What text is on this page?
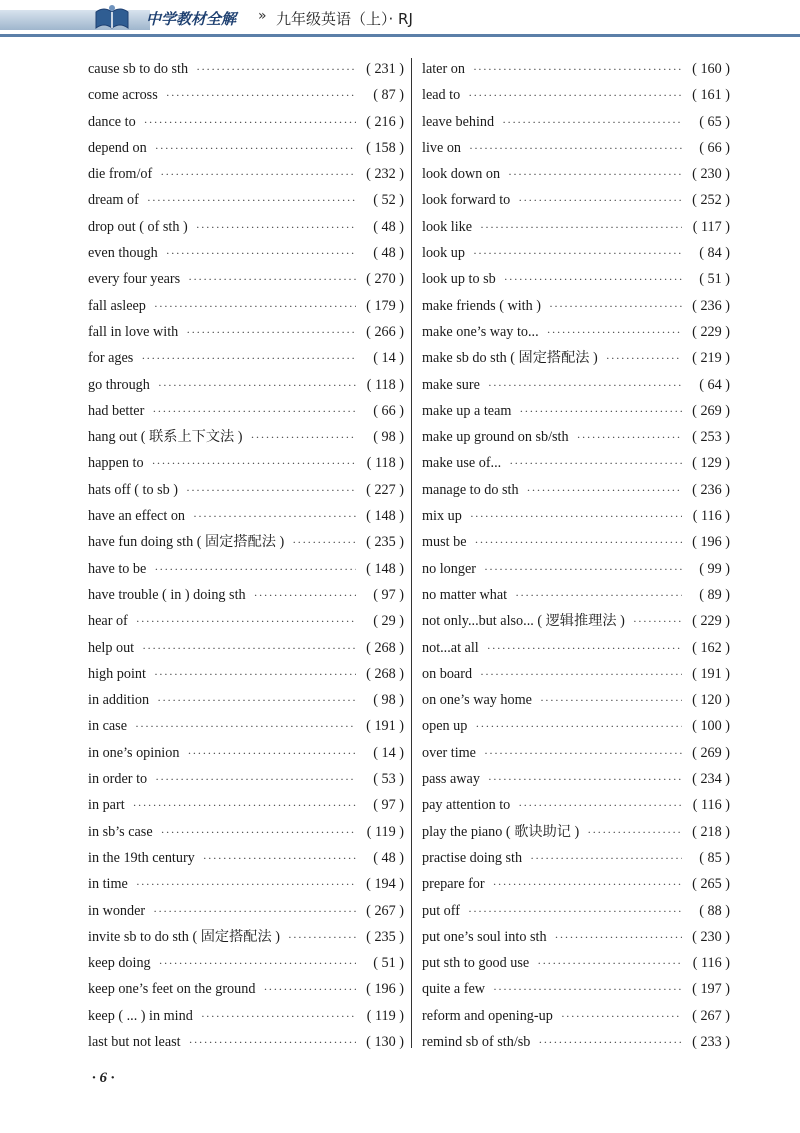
中学教材全解 » 九年级英语（上）· RJ
cause sb to do sth ·····	( 231 )
come across ·····	( 87 )
dance to ·····	( 216 )
depend on ·····	( 158 )
die from/of ·····	( 232 )
dream of ·····	( 52 )
drop out ( of sth ) ·····	( 48 )
even though ·····	( 48 )
every four years ·····	( 270 )
fall asleep ·····	( 179 )
fall in love with ·····	( 266 )
for ages ·····	( 14 )
go through ·····	( 118 )
had better ·····	( 66 )
hang out ( 联系上下文法 ) ·····	( 98 )
happen to ·····	( 118 )
hats off ( to sb ) ·····	( 227 )
have an effect on ·····	( 148 )
have fun doing sth ( 固定搭配法 ) ·····	( 235 )
have to be ·····	( 148 )
have trouble ( in ) doing sth ·····	( 97 )
hear of ·····	( 29 )
help out ·····	( 268 )
high point ·····	( 268 )
in addition ·····	( 98 )
in case ·····	( 191 )
in one’s opinion ·····	( 14 )
in order to ·····	( 53 )
in part ·····	( 97 )
in sb’s case ·····	( 119 )
in the 19th century ·····	( 48 )
in time ·····	( 194 )
in wonder ·····	( 267 )
invite sb to do sth ( 固定搭配法 ) ·····	( 235 )
keep doing ·····	( 51 )
keep one’s feet on the ground ·····	( 196 )
keep ( ... ) in mind ·····	( 119 )
last but not least ·····	( 130 )
later on ·····	( 160 )
lead to ·····	( 161 )
leave behind ·····	( 65 )
live on ·····	( 66 )
look down on ·····	( 230 )
look forward to ·····	( 252 )
look like ·····	( 117 )
look up ·····	( 84 )
look up to sb ·····	( 51 )
make friends ( with ) ·····	( 236 )
make one’s way to... ·····	( 229 )
make sb do sth ( 固定搭配法 ) ·····	( 219 )
make sure ·····	( 64 )
make up a team ·····	( 269 )
make up ground on sb/sth ·····	( 253 )
make use of... ·····	( 129 )
manage to do sth ·····	( 236 )
mix up ·····	( 116 )
must be ·····	( 196 )
no longer ·····	( 99 )
no matter what ·····	( 89 )
not only...but also... ( 逻辑推理法 ) ·····	( 229 )
not...at all ·····	( 162 )
on board ·····	( 191 )
on one’s way home ·····	( 120 )
open up ·····	( 100 )
over time ·····	( 269 )
pass away ·····	( 234 )
pay attention to ·····	( 116 )
play the piano ( 歌诀助记 ) ·····	( 218 )
practise doing sth ·····	( 85 )
prepare for ·····	( 265 )
put off ·····	( 88 )
put one’s soul into sth ·····	( 230 )
put sth to good use ·····	( 116 )
quite a few ·····	( 197 )
reform and opening-up ·····	( 267 )
remind sb of sth/sb ·····	( 233 )
· 6 ·
